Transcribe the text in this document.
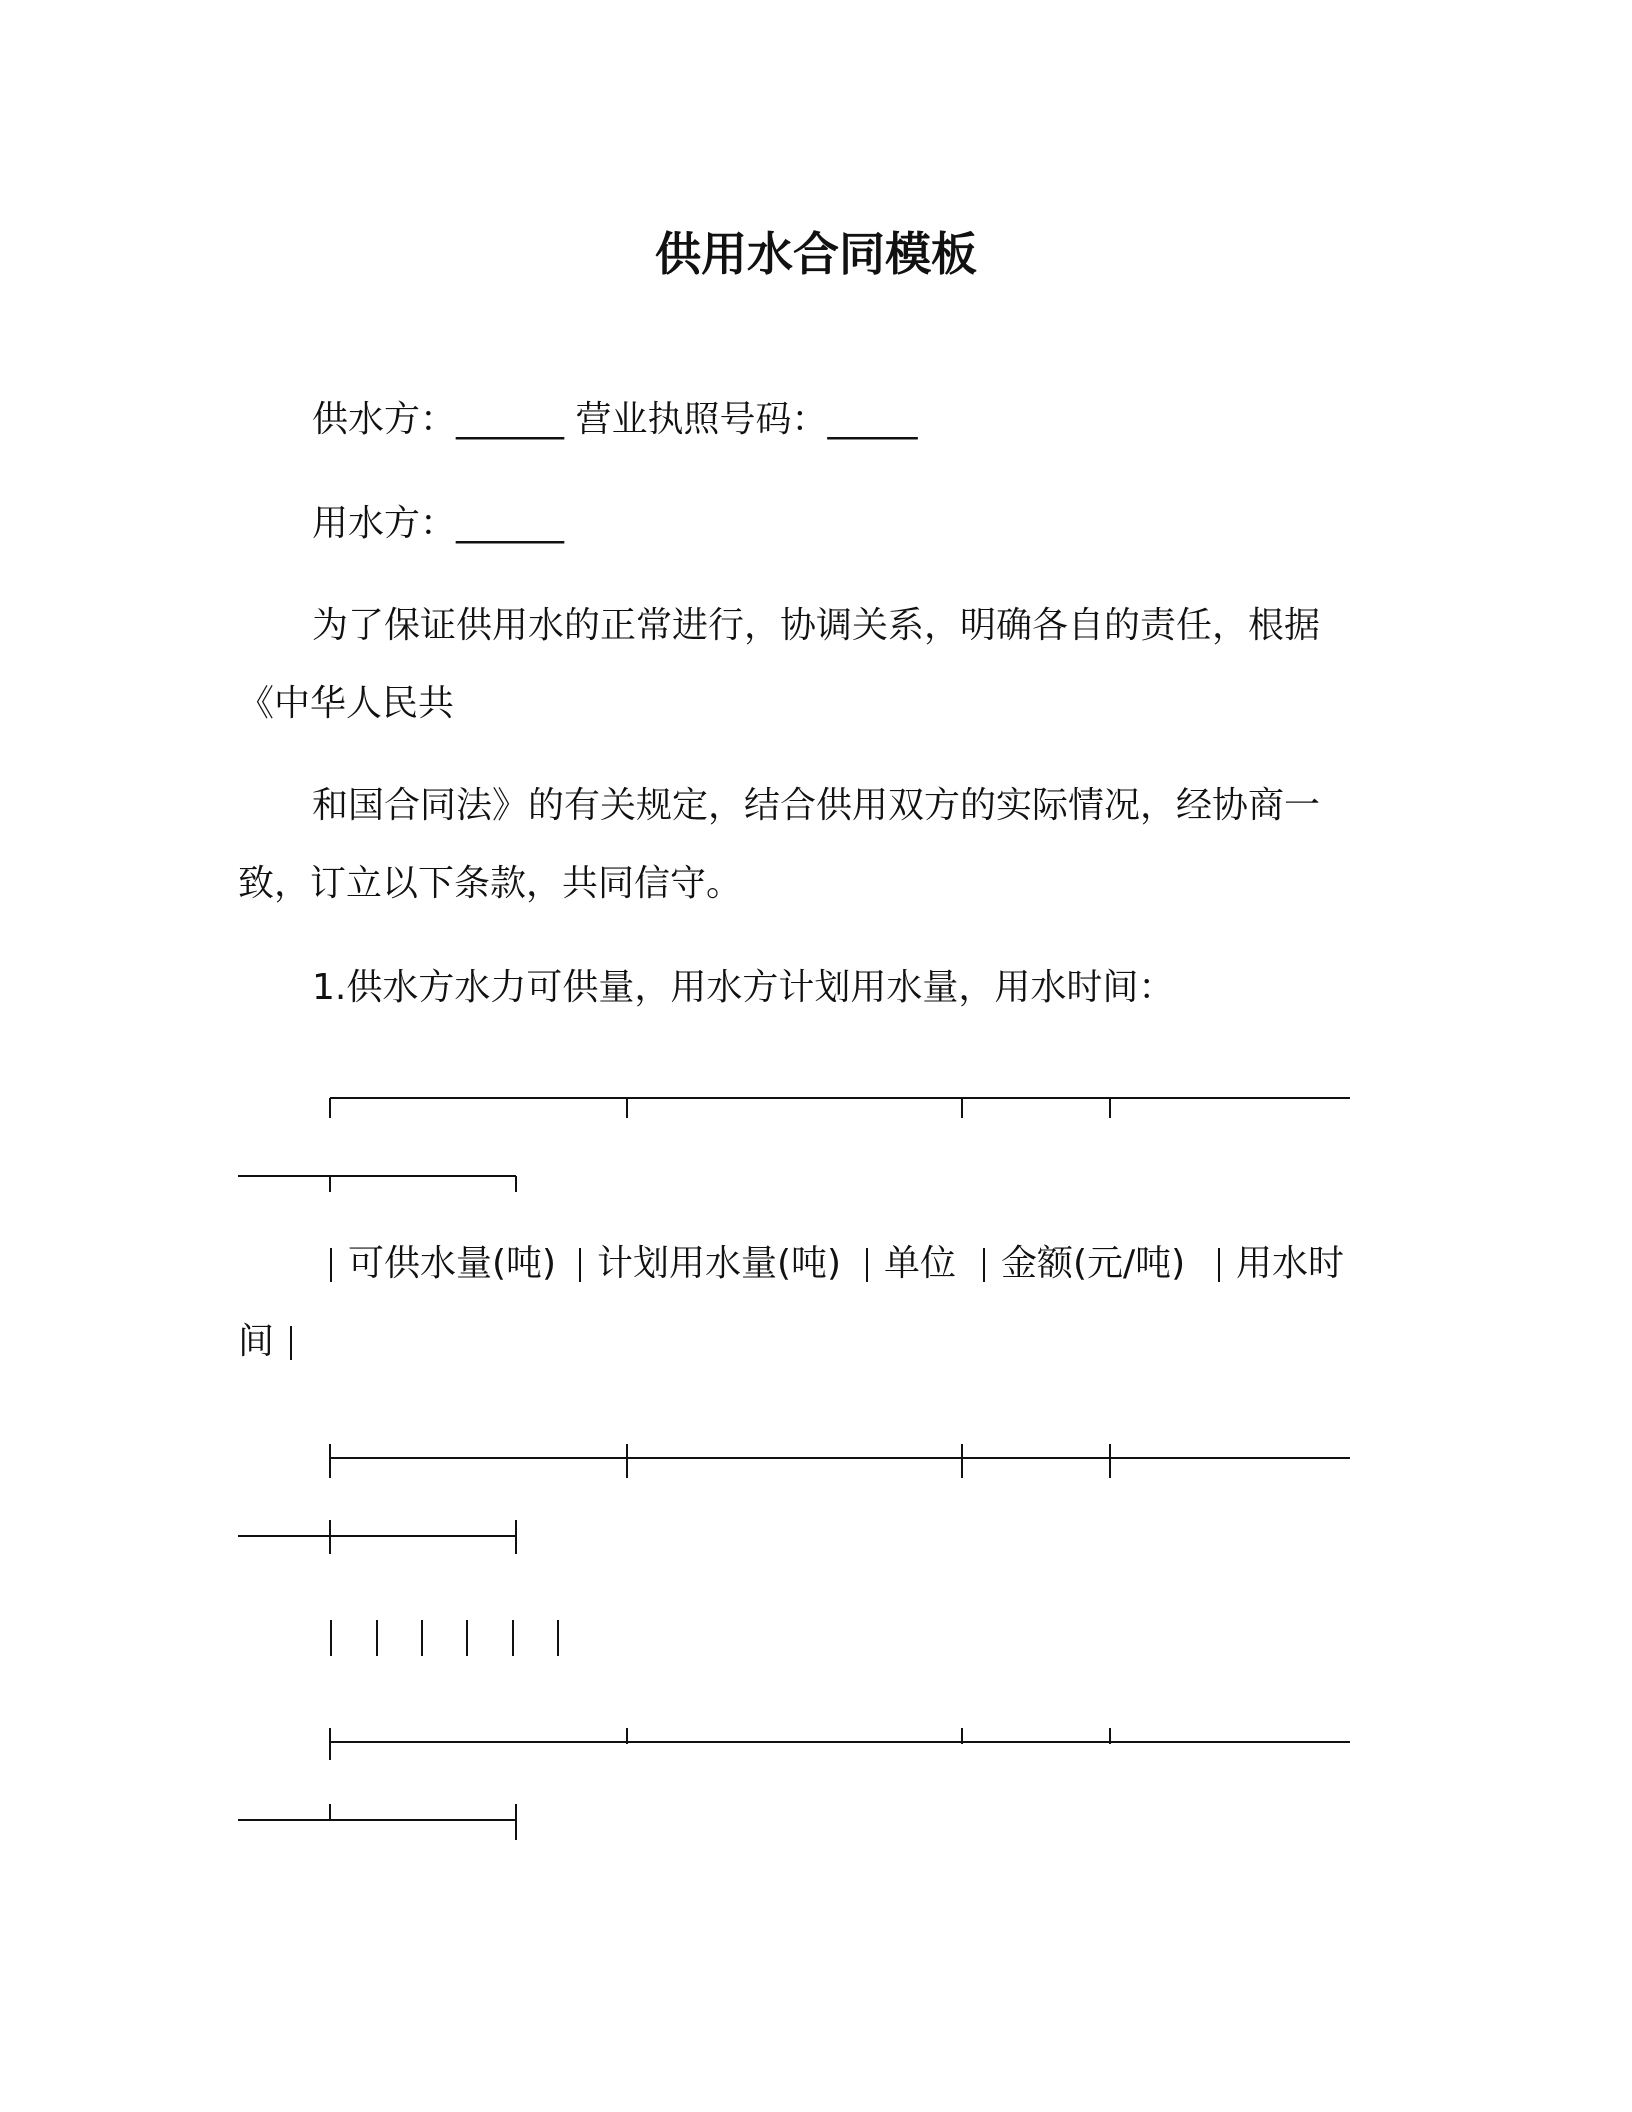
供用水合同模板
供水方：______ 营业执照号码：_____
用水方：______
为了保证供用水的正常进行，协调关系，明确各自的责任，根据
《中华人民共
和国合同法》的有关规定，结合供用双方的实际情况，经协商一
致，订立以下条款，共同信守。
1.供水方水力可供量，用水方计划用水量，用水时间：
可供水量(吨) 计划用水量(吨) 单位 金额(元/吨) 用水时
间
